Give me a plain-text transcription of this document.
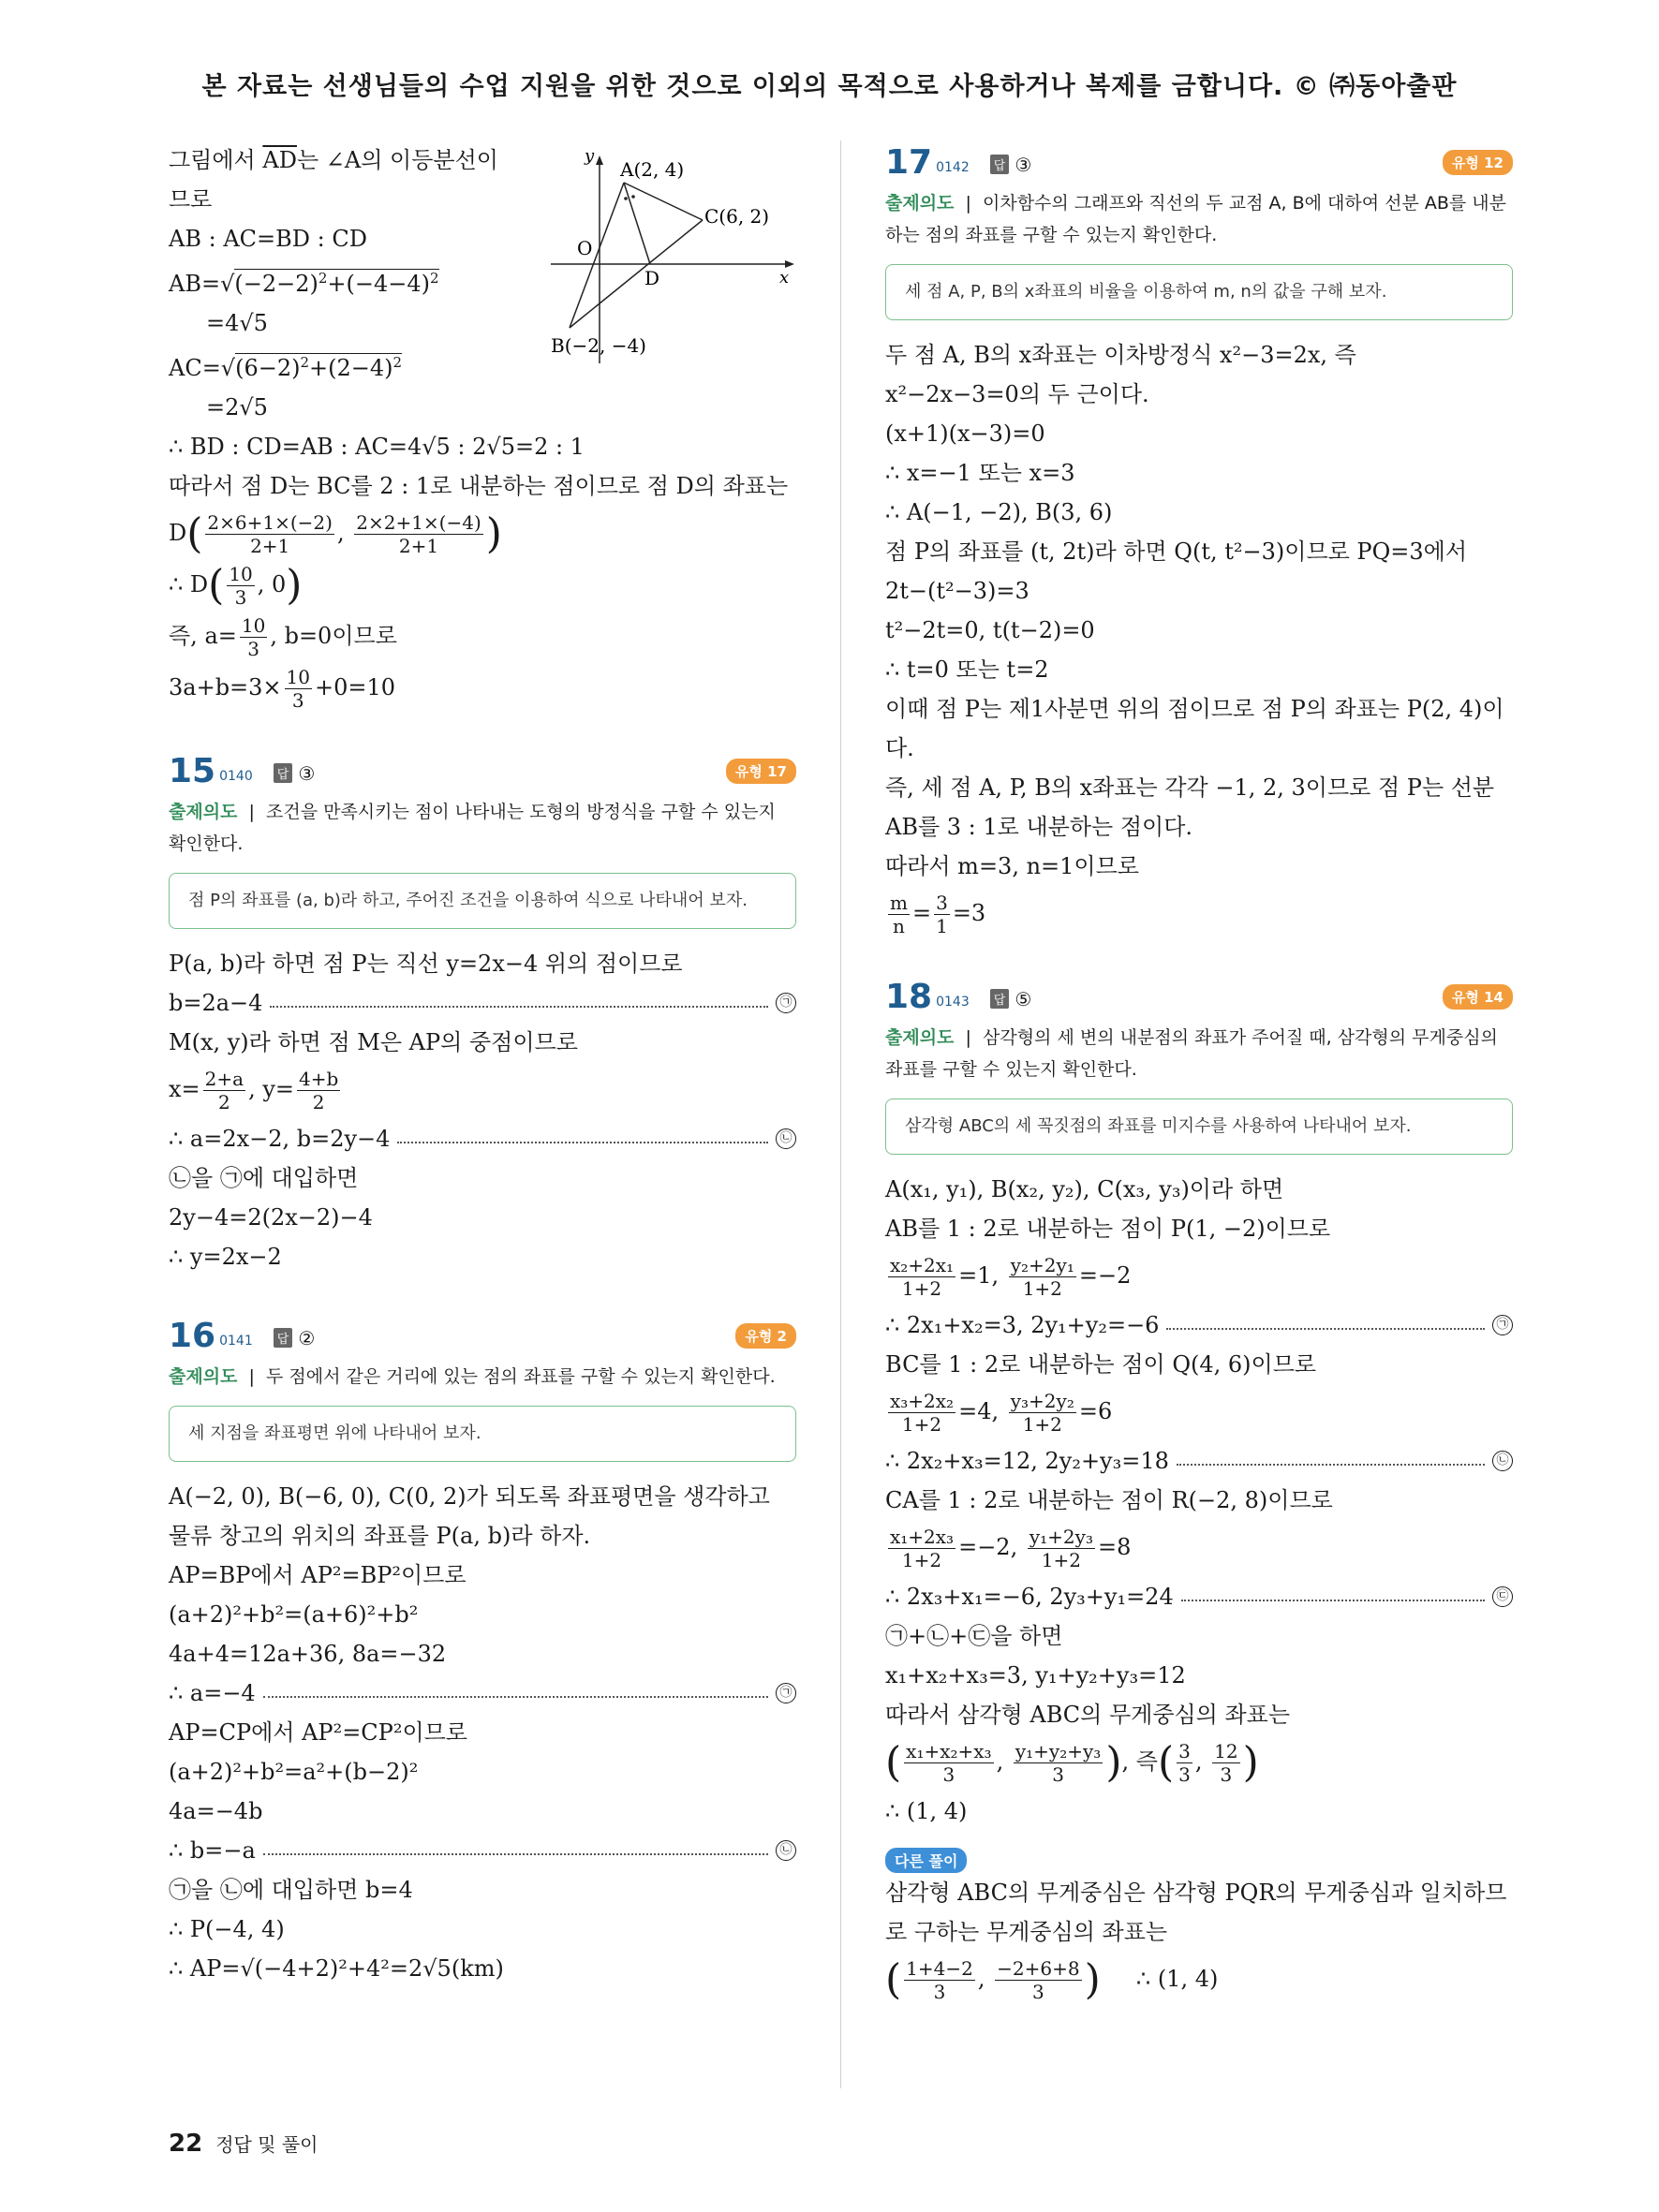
본 자료는 선생님들의 수업 지원을 위한 것으로 이외의 목적으로 사용하거나 복제를 금합니다. © ㈜동아출판
y
x
O
A(2, 4)
C(6, 2)
D
B(−2, −4)
그림에서 $\overline{AD}$는 ∠A의 이등분선이
므로
AB : AC=BD : CD
$AB=√(-2-2)^2+(-4-4)^2$
=4√5
$AC=√(6-2)^2+(2-4)^2$
=2√5
∴ BD : CD=AB : AC=4√5 : 2√5=2 : 1
따라서 점 D는 BC를 2 : 1로 내분하는 점이므로 점 D의 좌표는
$D( \frac{2\times 6+1\times(-2)}{2+1}$ , $\frac{2\times 2+1\times(-4)}{2+1}$ )
∴ $D( \frac{10}{3}$ , 0)
즉, $a= \frac{10}{3}$ , b=0이므로
$3a+b=3\times \frac{10}{3} +0=10$
15 0140	답 ③	유형 17
출제의도  |  조건을 만족시키는 점이 나타내는 도형의 방정식을 구할 수 있는지 확인한다.
점 P의 좌표를 (a, b)라 하고, 주어진 조건을 이용하여 식으로 나타내어 보자.
P(a, b)라 하면 점 P는 직선 y=2x−4 위의 점이므로
b=2a−4	㉠
M(x, y)라 하면 점 M은 AP의 중점이므로
$x= \frac{2+a}{2}$ , $y= \frac{4+b}{2}$
∴ a=2x−2, b=2y−4	㉡
㉡을 ㉠에 대입하면
2y−4=2(2x−2)−4
∴ y=2x−2
16 0141	답 ②	유형 2
출제의도  |  두 점에서 같은 거리에 있는 점의 좌표를 구할 수 있는지 확인한다.
세 지점을 좌표평면 위에 나타내어 보자.
A(−2, 0), B(−6, 0), C(0, 2)가 되도록 좌표평면을 생각하고
물류 창고의 위치의 좌표를 P(a, b)라 하자.
AP=BP에서 AP²=BP²이므로
(a+2)²+b²=(a+6)²+b²
4a+4=12a+36, 8a=−32
∴ a=−4	㉠
AP=CP에서 AP²=CP²이므로
(a+2)²+b²=a²+(b−2)²
4a=−4b
∴ b=−a	㉡
㉠을 ㉡에 대입하면 b=4
∴ P(−4, 4)
∴ AP=√(−4+2)²+4²=2√5(km)
17 0142	답 ③	유형 12
출제의도  |  이차함수의 그래프와 직선의 두 교점 A, B에 대하여 선분 AB를 내분하는 점의 좌표를 구할 수 있는지 확인한다.
세 점 A, P, B의 x좌표의 비율을 이용하여 m, n의 값을 구해 보자.
두 점 A, B의 x좌표는 이차방정식 x²−3=2x, 즉
x²−2x−3=0의 두 근이다.
(x+1)(x−3)=0
∴ x=−1 또는 x=3
∴ A(−1, −2), B(3, 6)
점 P의 좌표를 (t, 2t)라 하면 Q(t, t²−3)이므로 PQ=3에서
2t−(t²−3)=3
t²−2t=0, t(t−2)=0
∴ t=0 또는 t=2
이때 점 P는 제1사분면 위의 점이므로 점 P의 좌표는 P(2, 4)이다.
즉, 세 점 A, P, B의 x좌표는 각각 −1, 2, 3이므로 점 P는 선분 AB를 3 : 1로 내분하는 점이다.
따라서 m=3, n=1이므로
$\frac{m}{n} = \frac{3}{1} =3$
18 0143	답 ⑤	유형 14
출제의도  |  삼각형의 세 변의 내분점의 좌표가 주어질 때, 삼각형의 무게중심의 좌표를 구할 수 있는지 확인한다.
삼각형 ABC의 세 꼭짓점의 좌표를 미지수를 사용하여 나타내어 보자.
A(x₁, y₁), B(x₂, y₂), C(x₃, y₃)이라 하면
AB를 1 : 2로 내분하는 점이 P(1, −2)이므로
$\frac{\text{x₂+2x₁}}{1+2} =1$, $\frac{\text{y₂+2y₁}}{1+2} =-2$
∴ 2x₁+x₂=3, 2y₁+y₂=−6	㉠
BC를 1 : 2로 내분하는 점이 Q(4, 6)이므로
$\frac{\text{x₃+2x₂}}{1+2} =4$, $\frac{\text{y₃+2y₂}}{1+2} =6$
∴ 2x₂+x₃=12, 2y₂+y₃=18	㉡
CA를 1 : 2로 내분하는 점이 R(−2, 8)이므로
$\frac{\text{x₁+2x₃}}{1+2} =-2$, $\frac{\text{y₁+2y₃}}{1+2} =8$
∴ 2x₃+x₁=−6, 2y₃+y₁=24	㉢
㉠+㉡+㉢을 하면
x₁+x₂+x₃=3, y₁+y₂+y₃=12
따라서 삼각형 ABC의 무게중심의 좌표는
( $\frac{\text{x₁+x₂+x₃}}{3}$ , $\frac{\text{y₁+y₂+y₃}}{3}$ ), 즉( $\frac{3}{3}$ , $\frac{12}{3}$ )
∴ (1, 4)
다른 풀이
삼각형 ABC의 무게중심은 삼각형 PQR의 무게중심과 일치하므로 구하는 무게중심의 좌표는
( $\frac{1+4-2}{3}$ , $\frac{-2+6+8}{3}$ ) ∴ (1, 4)
22 정답 및 풀이
